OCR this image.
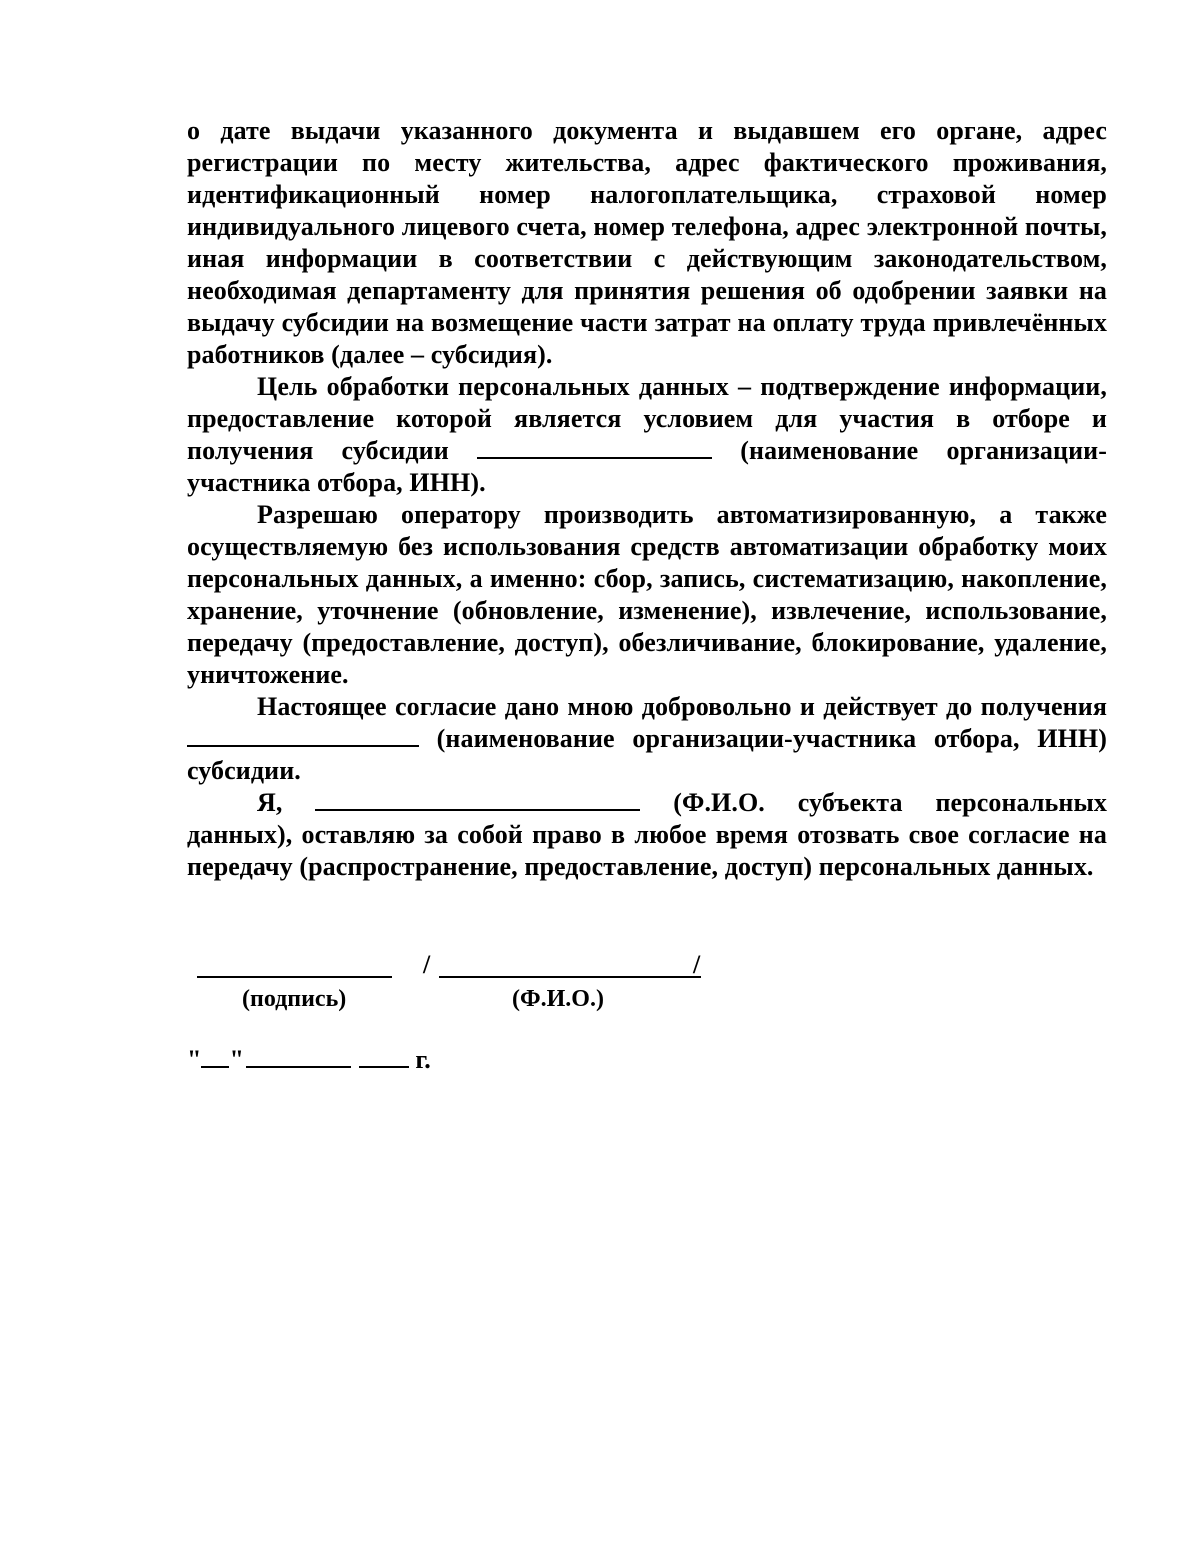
о дате выдачи указанного документа и выдавшем его органе, адрес регистрации по месту жительства, адрес фактического проживания, идентификационный номер налогоплательщика, страховой номер индивидуального лицевого счета, номер телефона, адрес электронной почты, иная информации в соответствии с действующим законодательством, необходимая департаменту для принятия решения об одобрении заявки на выдачу субсидии на возмещение части затрат на оплату труда привлечённых работников (далее – субсидия).

Цель обработки персональных данных – подтверждение информации, предоставление которой является условием для участия в отборе и получения субсидии	(наименование организации-участника отбора, ИНН).

Разрешаю оператору производить автоматизированную, а также осуществляемую без использования средств автоматизации обработку моих персональных данных, а именно: сбор, запись, систематизацию, накопление, хранение, уточнение (обновление, изменение), извлечение, использование, передачу (предоставление, доступ), обезличивание, блокирование, удаление, уничтожение.

Настоящее согласие дано мною добровольно и действует до получения  (наименование организации-участника отбора, ИНН) субсидии.

Я,	(Ф.И.О. субъекта персональных данных), оставляю за собой право в любое время отозвать свое согласие на передачу (распространение, предоставление, доступ) персональных данных.

/	/
(подпись)	(Ф.И.О.)
" "	г.
